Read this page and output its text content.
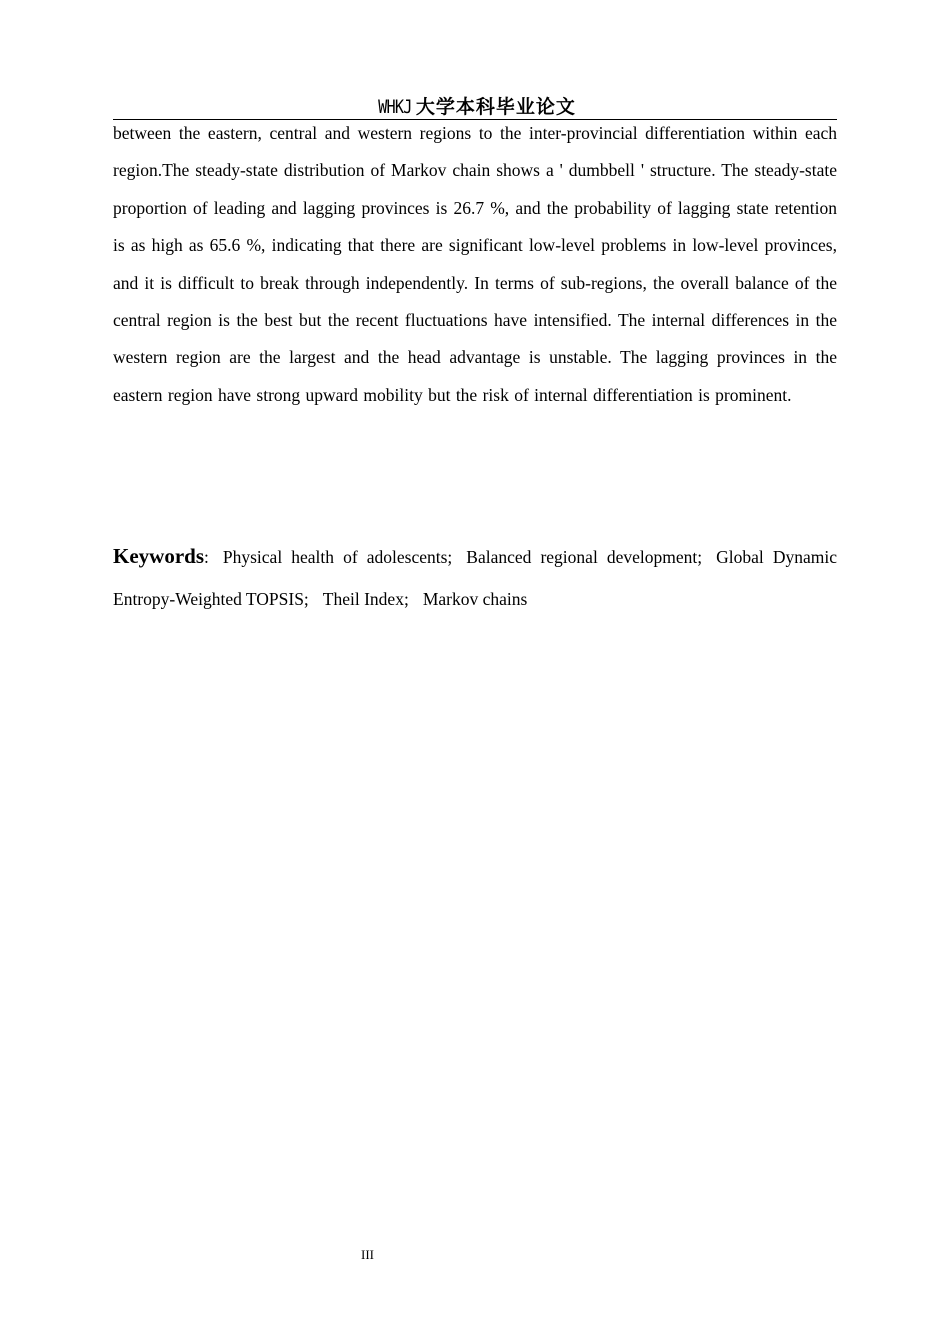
WHKJ 大学本科毕业论文

between the eastern, central and western regions to the inter-provincial differentiation within each region.The steady-state distribution of Markov chain shows a ' dumbbell ' structure. The steady-state proportion of leading and lagging provinces is 26.7 %, and the probability of lagging state retention is as high as 65.6 %, indicating that there are significant low-level problems in low-level provinces, and it is difficult to break through independently. In terms of sub-regions, the overall balance of the central region is the best but the recent fluctuations have intensified. The internal differences in the western region are the largest and the head advantage is unstable. The lagging provinces in the eastern region have strong upward mobility but the risk of internal differentiation is prominent.

Keywords: Physical health of adolescents; Balanced regional development; Global Dynamic Entropy-Weighted TOPSIS; Theil Index; Markov chains

III
